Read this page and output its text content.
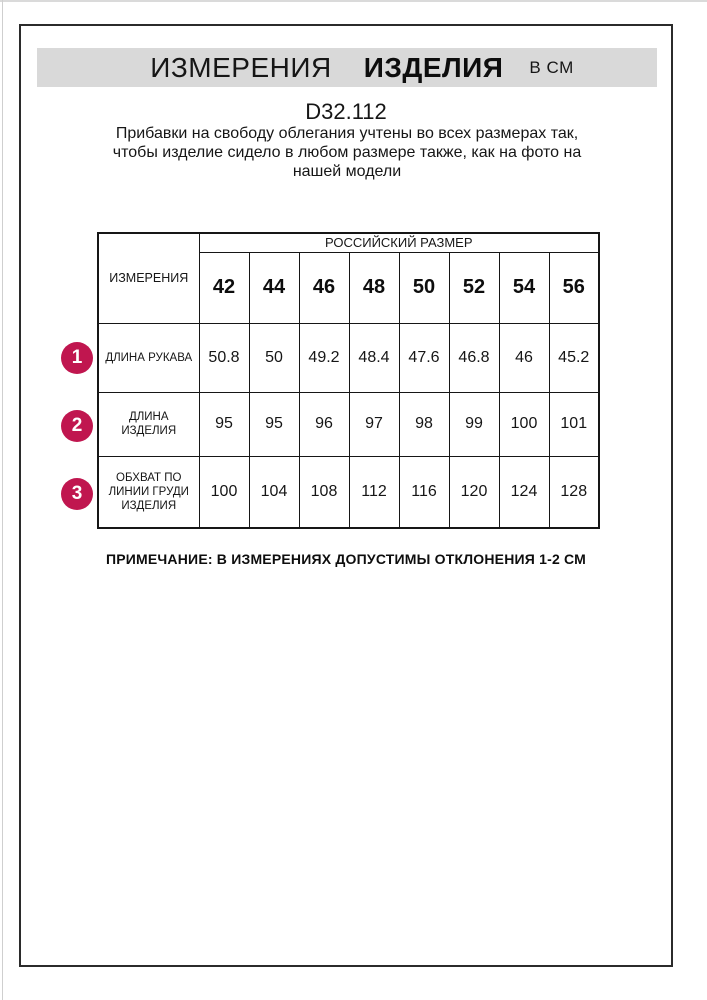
ИЗМЕРЕНИЯ ИЗДЕЛИЯ В СМ
D32.112
Прибавки на свободу облегания учтены во всех размерах так, чтобы изделие сидело в любом размере также, как на фото на нашей модели
ИЗМЕРЕНИЯ	РОССИЙСКИЙ РАЗМЕР							
	42	44	46	48	50	52	54	56
ДЛИНА РУКАВА	50.8	50	49.2	48.4	47.6	46.8	46	45.2
ДЛИНА ИЗДЕЛИЯ	95	95	96	97	98	99	100	101
ОБХВАТ ПО ЛИНИИ ГРУДИ ИЗДЕЛИЯ	100	104	108	112	116	120	124	128
1
2
3
ПРИМЕЧАНИЕ: В ИЗМЕРЕНИЯХ ДОПУСТИМЫ ОТКЛОНЕНИЯ 1-2 СМ
